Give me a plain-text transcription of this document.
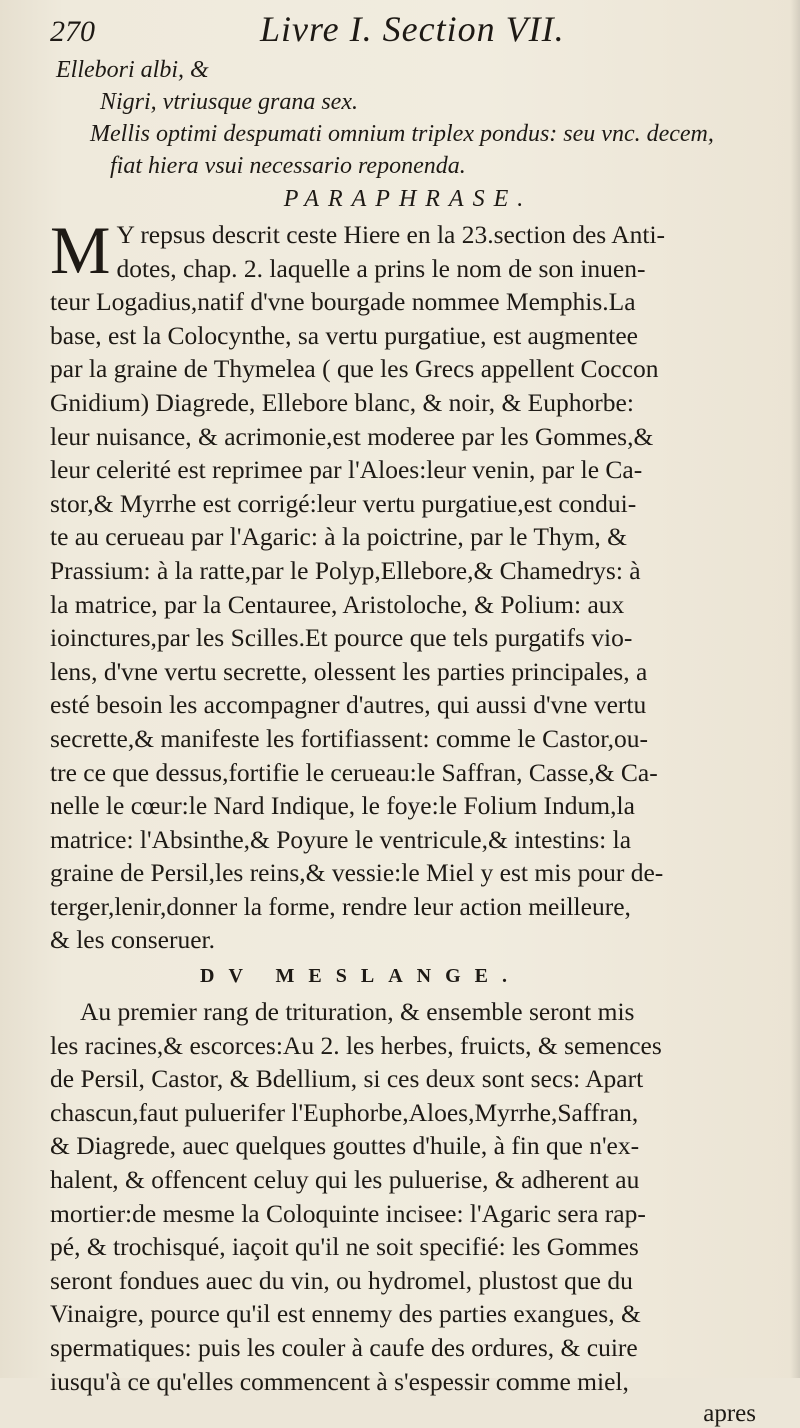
270	Livre I. Section VII.

Ellebori albi, &

Nigri, vtriusque grana sex.

Mellis optimi despumati omnium triplex pondus: seu vnc. decem,

fiat hiera vsui necessario reponenda.

PARAPHRASE.
M Y repsus descrit ceste Hiere en la 23.section des Anti-
dotes, chap. 2. laquelle a prins le nom de son inuen-
teur Logadius,natif d'vne bourgade nommee Memphis.La
base, est la Colocynthe, sa vertu purgatiue, est augmentee
par la graine de Thymelea ( que les Grecs appellent Coccon
Gnidium) Diagrede, Ellebore blanc, & noir, & Euphorbe:
leur nuisance, & acrimonie,est moderee par les Gommes,&
leur celerité est reprimee par l'Aloes:leur venin, par le Ca-
stor,& Myrrhe est corrigé:leur vertu purgatiue,est condui-
te au cerueau par l'Agaric: à la poictrine, par le Thym, &
Prassium: à la ratte,par le Polyp,Ellebore,& Chamedrys: à
la matrice, par la Centauree, Aristoloche, & Polium: aux
ioinctures,par les Scilles.Et pource que tels purgatifs vio-
lens, d'vne vertu secrette, olessent les parties principales, a
esté besoin les accompagner d'autres, qui aussi d'vne vertu
secrette,& manifeste les fortifiassent: comme le Castor,ou-
tre ce que dessus,fortifie le cerueau:le Saffran, Casse,& Ca-
nelle le cœur:le Nard Indique, le foye:le Folium Indum,la
matrice: l'Absinthe,& Poyure le ventricule,& intestins: la
graine de Persil,les reins,& vessie:le Miel y est mis pour de-
terger,lenir,donner la forme, rendre leur action meilleure,
& les conseruer.
DV MESLANGE.
Au premier rang de trituration, & ensemble seront mis
les racines,& escorces:Au 2. les herbes, fruicts, & semences
de Persil, Castor, & Bdellium, si ces deux sont secs: Apart
chascun,faut puluerifer l'Euphorbe,Aloes,Myrrhe,Saffran,
& Diagrede, auec quelques gouttes d'huile, à fin que n'ex-
halent, & offencent celuy qui les puluerise, & adherent au
mortier:de mesme la Coloquinte incisee: l'Agaric sera rap-
pé, & trochisqué, iaçoit qu'il ne soit specifié: les Gommes
seront fondues auec du vin, ou hydromel, plustost que du
Vinaigre, pource qu'il est ennemy des parties exangues, &
spermatiques: puis les couler à caufe des ordures, & cuire
iusqu'à ce qu'elles commencent à s'espessir comme miel,
apres
